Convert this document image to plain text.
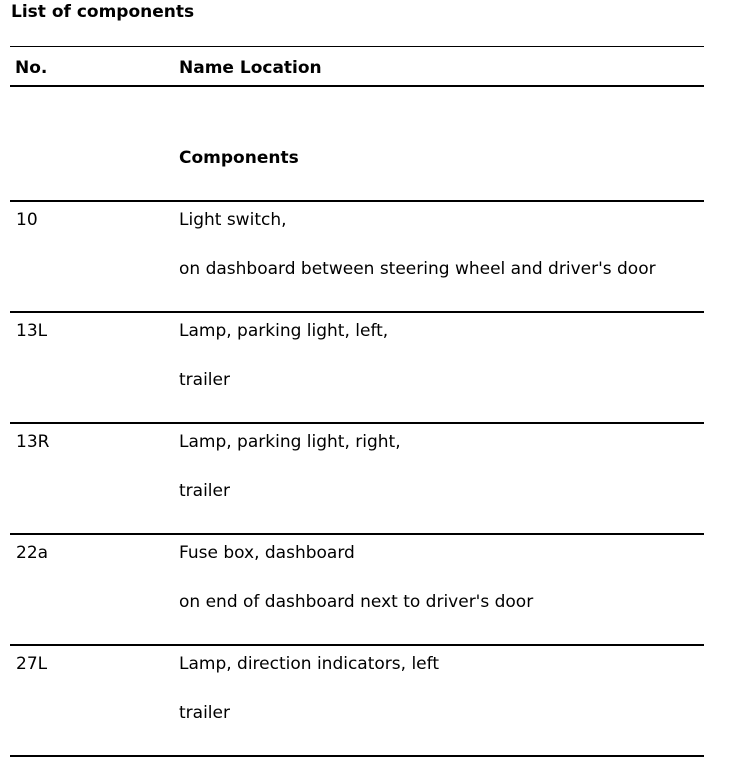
List of components
No.	Name Location
Components
10	Light switch,
on dashboard between steering wheel and driver's door
13L	Lamp, parking light, left,
trailer
13R	Lamp, parking light, right,
trailer
22a	Fuse box, dashboard
on end of dashboard next to driver's door
27L	Lamp, direction indicators, left
trailer
